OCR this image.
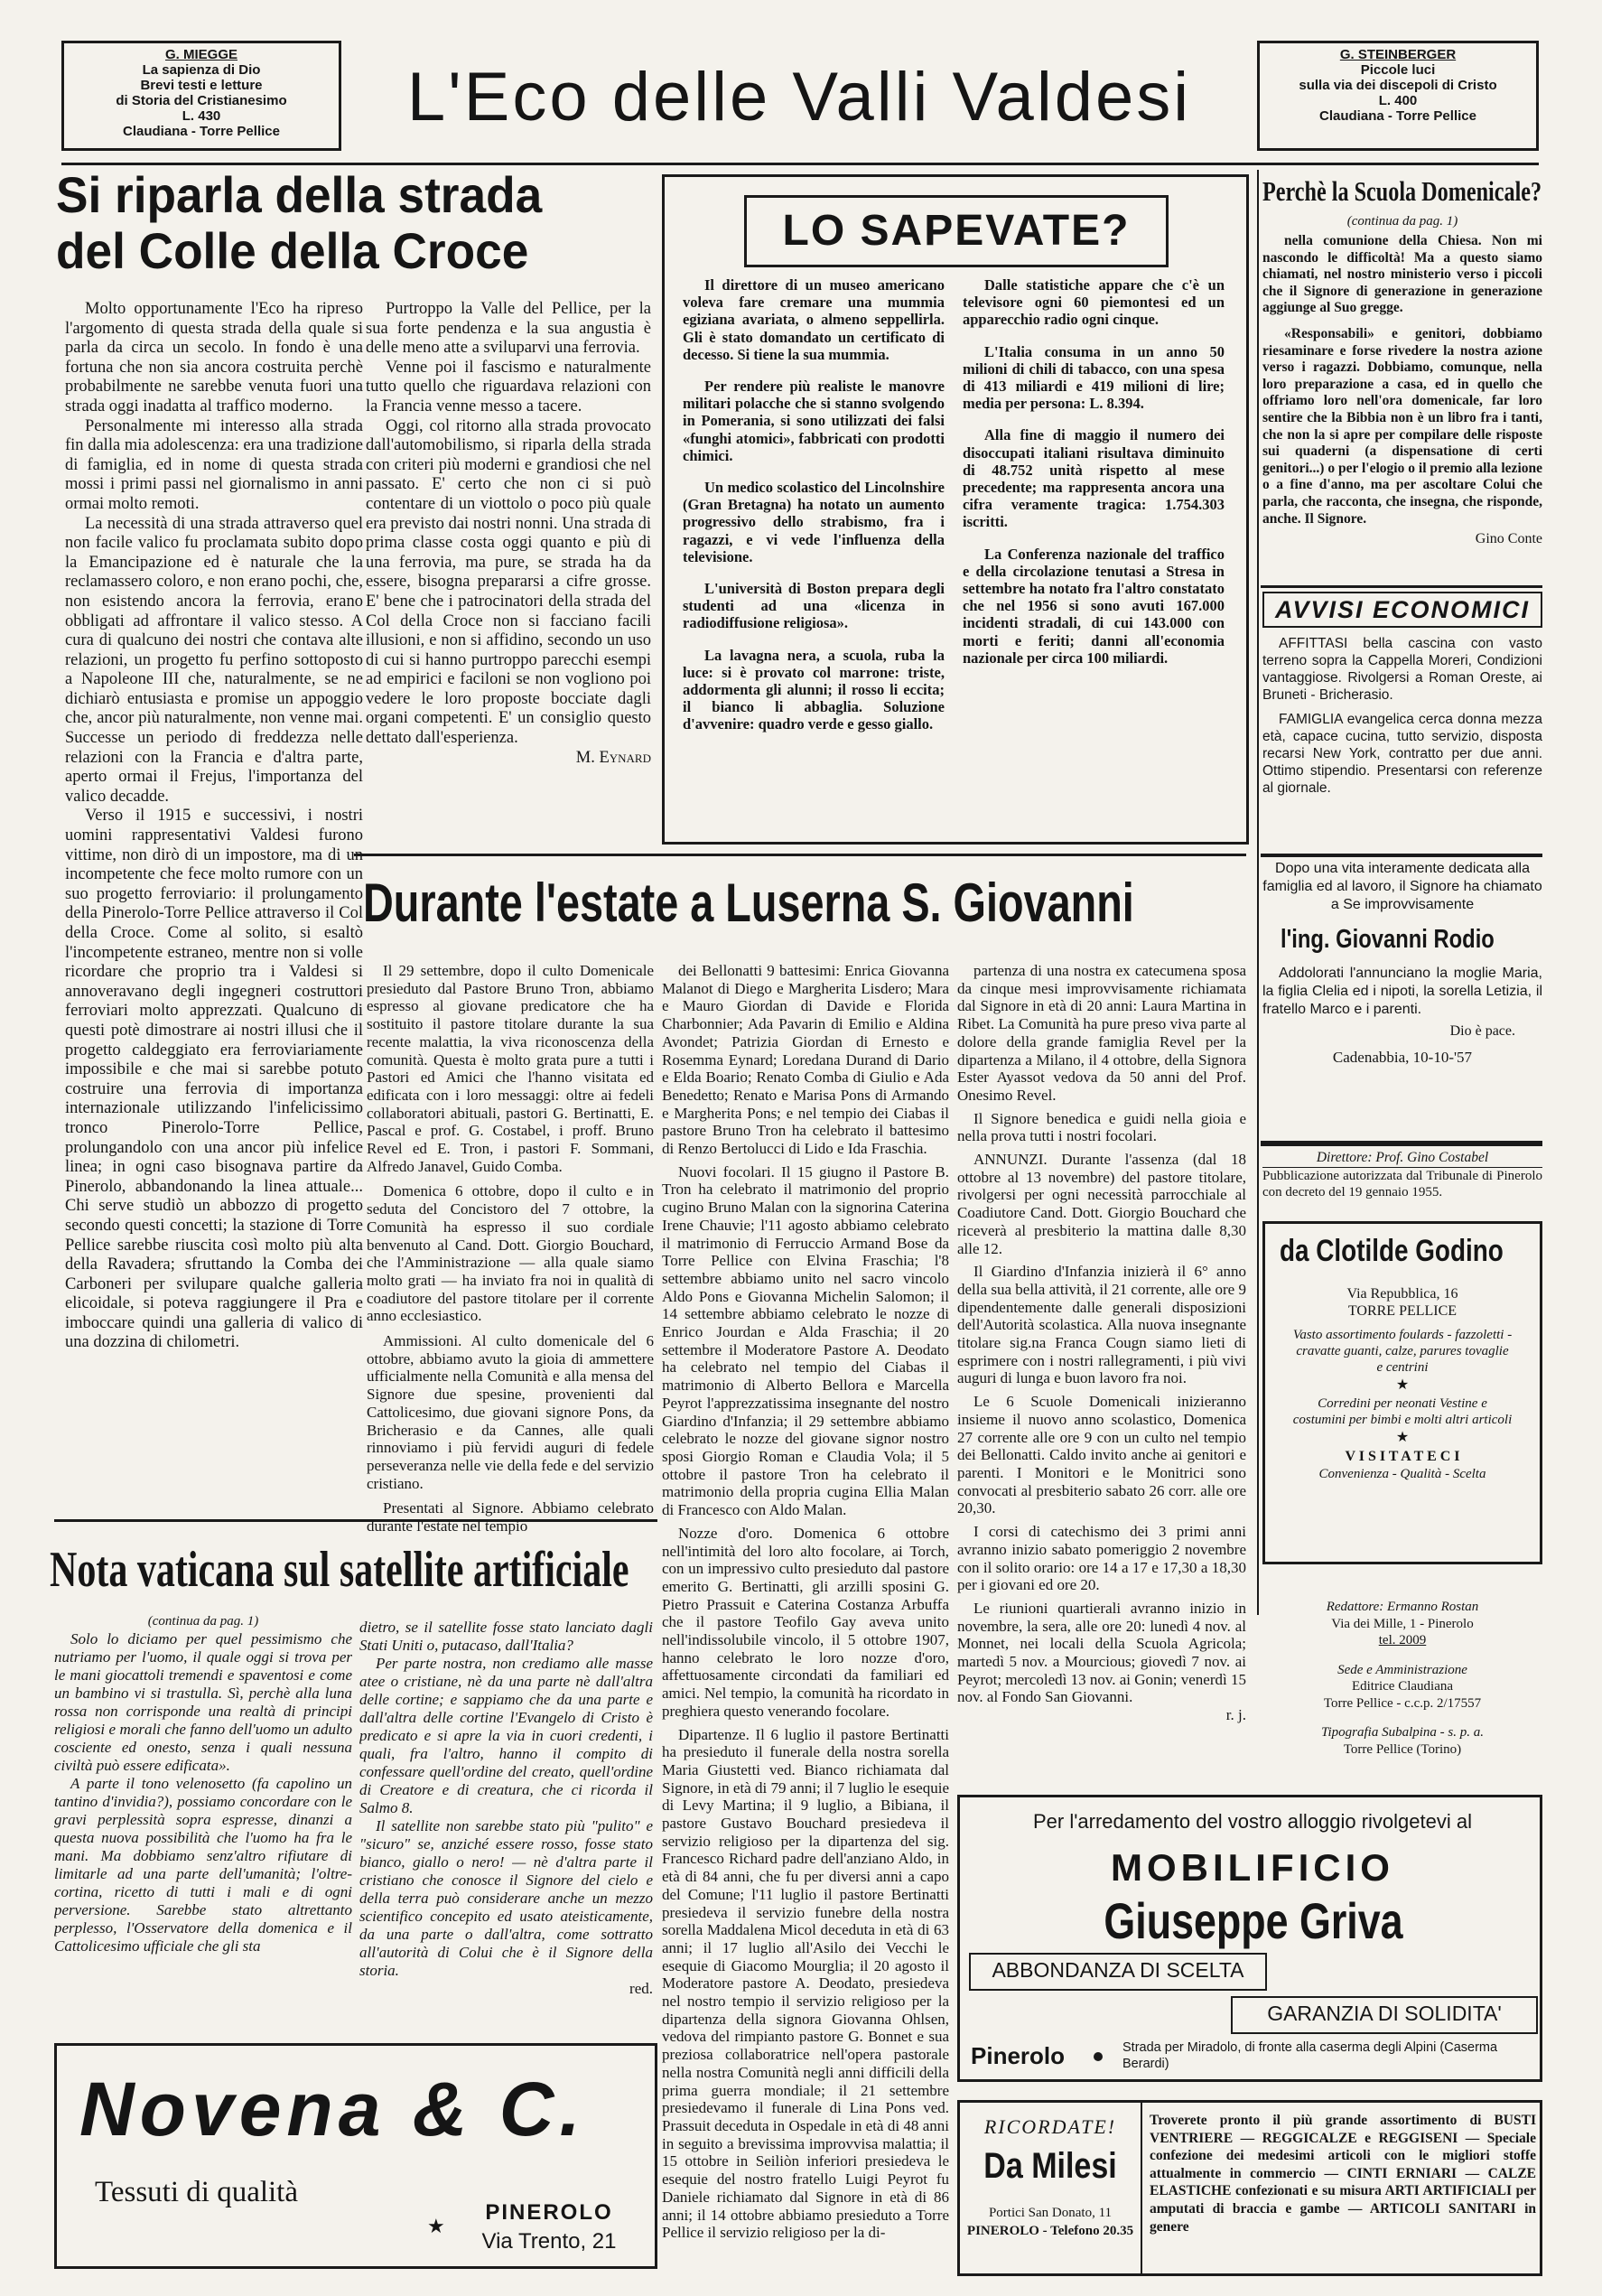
G. MIEGGE
La sapienza di Dio
Brevi testi e letture
di Storia del Cristianesimo
L. 430
Claudiana - Torre Pellice	L'Eco delle Valli Valdesi
G. STEINBERGER
Piccole luci
sulla via dei discepoli di Cristo
L. 400
Claudiana - Torre Pellice
Si riparla della strada
del Colle della Croce

Molto opportunamente l'Eco ha ripreso l'argomento di questa strada della quale si parla da circa un secolo. In fondo è una fortuna che non sia ancora costruita perchè probabilmente ne sarebbe venuta fuori una strada oggi inadatta al traffico moderno.

Personalmente mi interesso alla strada fin dalla mia adolescenza: era una tradizione di famiglia, ed in nome di questa strada mossi i primi passi nel giornalismo in anni ormai molto remoti.

La necessità di una strada attraverso quel non facile valico fu proclamata subito dopo la Emancipazione ed è naturale che la reclamassero coloro, e non erano pochi, che, non esistendo ancora la ferrovia, erano obbligati ad affrontare il valico stesso. A cura di qualcuno dei nostri che contava alte relazioni, un progetto fu perfino sottoposto a Napoleone III che, naturalmente, se ne dichiarò entusiasta e promise un appoggio che, ancor più naturalmente, non venne mai. Successe un periodo di freddezza nelle relazioni con la Francia e d'altra parte, aperto ormai il Frejus, l'importanza del valico decadde.

Verso il 1915 e successivi, i nostri uomini rappresentativi Valdesi furono vittime, non dirò di un impostore, ma di un incompetente che fece molto rumore con un suo progetto ferroviario: il prolungamento della Pinerolo-Torre Pellice attraverso il Col della Croce. Come al solito, si esaltò l'incompetente estraneo, mentre non si volle ricordare che proprio tra i Valdesi si annoveravano degli ingegneri costruttori ferroviari molto apprezzati. Qualcuno di questi potè dimostrare ai nostri illusi che il progetto caldeggiato era ferroviariamente impossibile e che mai si sarebbe potuto costruire una ferrovia di importanza internazionale utilizzando l'infelicissimo tronco Pinerolo-Torre Pellice, prolungandolo con una ancor più infelice linea; in ogni caso bisognava partire da Pinerolo, abbandonando la linea attuale... Chi serve studiò un abbozzo di progetto secondo questi concetti; la stazione di Torre Pellice sarebbe riuscita così molto più alta della Ravadera; sfruttando la Comba dei Carboneri per svilupare qualche galleria elicoidale, si poteva raggiungere il Pra e imboccare quindi una galleria di valico di una dozzina di chilometri.

Purtroppo la Valle del Pellice, per la sua forte pendenza e la sua angustia è delle meno atte a sviluparvi una ferrovia.

Venne poi il fascismo e naturalmente tutto quello che riguardava relazioni con la Francia venne messo a tacere.

Oggi, col ritorno alla strada provocato dall'automobilismo, si riparla della strada con criteri più moderni e grandiosi che nel passato. E' certo che non ci si può contentare di un viottolo o poco più quale era previsto dai nostri nonni. Una strada di prima classe costa oggi quanto e più di una ferrovia, ma pure, se strada ha da essere, bisogna prepararsi a cifre grosse. E' bene che i patrocinatori della strada del Col della Croce non si facciano facili illusioni, e non si affidino, secondo un uso di cui si hanno purtroppo parecchi esempi ad empirici e faciloni se non vogliono poi vedere le loro proposte bocciate dagli organi competenti. E' un consiglio questo dettato dall'esperienza.

M. Eynard
LO SAPEVATE?

Il direttore di un museo americano voleva fare cremare una mummia egiziana avariata, o almeno seppellirla. Gli è stato domandato un certificato di decesso. Si tiene la sua mummia.

Per rendere più realiste le manovre militari polacche che si stanno svolgendo in Pomerania, si sono utilizzati dei falsi «funghi atomici», fabbricati con prodotti chimici.

Un medico scolastico del Lincolnshire (Gran Bretagna) ha notato un aumento progressivo dello strabismo, fra i ragazzi, e vi vede l'influenza della televisione.

L'università di Boston prepara degli studenti ad una «licenza in radiodiffusione religiosa».

La lavagna nera, a scuola, ruba la luce: si è provato col marrone: triste, addormenta gli alunni; il rosso li eccita; il bianco li abbaglia. Soluzione d'avvenire: quadro verde e gesso giallo.

Dalle statistiche appare che c'è un televisore ogni 60 piemontesi ed un apparecchio radio ogni cinque.

L'Italia consuma in un anno 50 milioni di chili di tabacco, con una spesa di 413 miliardi e 419 milioni di lire; media per persona: L. 8.394.

Alla fine di maggio il numero dei disoccupati italiani risultava diminuito di 48.752 unità rispetto al mese precedente; ma rappresenta ancora una cifra veramente tragica: 1.754.303 iscritti.

La Conferenza nazionale del traffico e della circolazione tenutasi a Stresa in settembre ha notato fra l'altro constatato che nel 1956 si sono avuti 167.000 incidenti stradali, di cui 143.000 con morti e feriti; danni all'economia nazionale per circa 100 miliardi.

Perchè la Scuola Domenicale?
(continua da pag. 1)

nella comunione della Chiesa. Non mi nascondo le difficoltà! Ma a questo siamo chiamati, nel nostro ministerio verso i piccoli che il Signore di generazione in generazione aggiunge al Suo gregge.

«Responsabili» e genitori, dobbiamo riesaminare e forse rivedere la nostra azione verso i ragazzi. Dobbiamo, comunque, nella loro preparazione a casa, ed in quello che offriamo loro nell'ora domenicale, far loro sentire che la Bibbia non è un libro fra i tanti, che non la si apre per compilare delle risposte sui quaderni (a dispensatione di certi genitori...) o per l'elogio o il premio alla lezione o a fine d'anno, ma per ascoltare Colui che parla, che racconta, che insegna, che risponde, anche. Il Signore.

Gino Conte
AVVISI ECONOMICI

AFFITTASI bella cascina con vasto terreno sopra la Cappella Moreri, Condizioni vantaggiose. Rivolgersi a Roman Oreste, ai Bruneti - Bricherasio.

FAMIGLIA evangelica cerca donna mezza età, capace cucina, tutto servizio, disposta recarsi New York, contratto per due anni. Ottimo stipendio. Presentarsi con referenze al giornale.

Dopo una vita interamente dedicata alla famiglia ed al lavoro, il Signore ha chiamato a Se improvvisamente
l'ing. Giovanni Rodio
Addolorati l'annunciano la moglie Maria, la figlia Clelia ed i nipoti, la sorella Letizia, il fratello Marco e i parenti.
Dio è pace.
Cadenabbia, 10-10-'57
Direttore: Prof. Gino Costabel
Pubblicazione autorizzata dal Tribunale di Pinerolo con decreto del 19 gennaio 1955.
da Clotilde Godino
Via Repubblica, 16
TORRE PELLICE
Vasto assortimento foulards - fazzoletti - cravatte guanti, calze, parures tovaglie e centrini
★
Corredini per neonati Vestine e costumini per bimbi e molti altri articoli
★
V I S I T A T E C I
Convenienza - Qualità - Scelta
Redattore: Ermanno Rostan
Via dei Mille, 1 - Pinerolo
tel. 2009
Sede e Amministrazione
Editrice Claudiana
Torre Pellice - c.c.p. 2/17557
Tipografia Subalpina - s. p. a.
Torre Pellice (Torino)
Durante l'estate a Luserna S. Giovanni

Il 29 settembre, dopo il culto Domenicale presieduto dal Pastore Bruno Tron, abbiamo espresso al giovane predicatore che ha sostituito il pastore titolare durante la sua recente malattia, la viva riconoscenza della comunità. Questa è molto grata pure a tutti i Pastori ed Amici che l'hanno visitata ed edificata con i loro messaggi: oltre ai fedeli collaboratori abituali, pastori G. Bertinatti, E. Pascal e prof. G. Costabel, i proff. Bruno Revel ed E. Tron, i pastori F. Sommani, Alfredo Janavel, Guido Comba.

Domenica 6 ottobre, dopo il culto e in seduta del Concistoro del 7 ottobre, la Comunità ha espresso il suo cordiale benvenuto al Cand. Dott. Giorgio Bouchard, che l'Amministrazione — alla quale siamo molto grati — ha inviato fra noi in qualità di coadiutore del pastore titolare per il corrente anno ecclesiastico.

Ammissioni. Al culto domenicale del 6 ottobre, abbiamo avuto la gioia di ammettere ufficialmente nella Comunità e alla mensa del Signore due spesine, provenienti dal Cattolicesimo, due giovani signore Pons, da Bricherasio e da Cannes, alle quali rinnoviamo i più fervidi auguri di fedele perseveranza nelle vie della fede e del servizio cristiano.

Presentati al Signore. Abbiamo celebrato durante l'estate nel tempio

dei Bellonatti 9 battesimi: Enrica Giovanna Malanot di Diego e Margherita Lisdero; Mara e Mauro Giordan di Davide e Florida Charbonnier; Ada Pavarin di Emilio e Aldina Avondet; Patrizia Giordan di Ernesto e Rosemma Eynard; Loredana Durand di Dario e Elda Boario; Renato Comba di Giulio e Ada Benedetto; Renato e Marisa Pons di Armando e Margherita Pons; e nel tempio dei Ciabas il pastore Bruno Tron ha celebrato il battesimo di Renzo Bertolucci di Lido e Ida Fraschia.

Nuovi focolari. Il 15 giugno il Pastore B. Tron ha celebrato il matrimonio del proprio cugino Bruno Malan con la signorina Caterina Irene Chauvie; l'11 agosto abbiamo celebrato il matrimonio di Ferruccio Armand Bose da Torre Pellice con Elvina Fraschia; l'8 settembre abbiamo unito nel sacro vincolo Aldo Pons e Giovanna Michelin Salomon; il 14 settembre abbiamo celebrato le nozze di Enrico Jourdan e Alda Fraschia; il 20 settembre il Moderatore Pastore A. Deodato ha celebrato nel tempio del Ciabas il matrimonio di Alberto Bellora e Marcella Peyrot l'apprezzatissima insegnante del nostro Giardino d'Infanzia; il 29 settembre abbiamo celebrato le nozze del giovane signor nostro sposi Giorgio Roman e Claudia Vola; il 5 ottobre il pastore Tron ha celebrato il matrimonio della propria cugina Ellia Malan di Francesco con Aldo Malan.

Nozze d'oro. Domenica 6 ottobre nell'intimità del loro alto focolare, ai Torch, con un impressivo culto presieduto dal pastore emerito G. Bertinatti, gli arzilli sposini G. Pietro Prassuit e Caterina Costanza Arbuffa che il pastore Teofilo Gay aveva unito nell'indissolubile vincolo, il 5 ottobre 1907, hanno celebrato le loro nozze d'oro, affettuosamente circondati da familiari ed amici. Nel tempio, la comunità ha ricordato in preghiera questo venerando focolare.

Dipartenze. Il 6 luglio il pastore Bertinatti ha presieduto il funerale della nostra sorella Maria Giustetti ved. Bianco richiamata dal Signore, in età di 79 anni; il 7 luglio le esequie di Levy Martina; il 9 luglio, a Bibiana, il pastore Gustavo Bouchard presiedeva il servizio religioso per la dipartenza del sig. Francesco Richard padre dell'anziano Aldo, in età di 84 anni, che fu per diversi anni a capo del Comune; l'11 luglio il pastore Bertinatti presiedeva il servizio funebre della nostra sorella Maddalena Micol deceduta in età di 63 anni; il 17 luglio all'Asilo dei Vecchi le esequie di Giacomo Mourglia; il 20 agosto il Moderatore pastore A. Deodato, presiedeva nel nostro tempio il servizio religioso per la dipartenza della signora Giovanna Ohlsen, vedova del rimpianto pastore G. Bonnet e sua preziosa collaboratrice nell'opera pastorale nella nostra Comunità negli anni difficili della prima guerra mondiale; il 21 settembre presiedevamo il funerale di Lina Pons ved. Prassuit deceduta in Ospedale in età di 48 anni in seguito a brevissima improvvisa malattia; il 15 ottobre in Seiliòn inferiori presiedeva le esequie del nostro fratello Luigi Peyrot fu Daniele richiamato dal Signore in età di 86 anni; il 14 ottobre abbiamo presieduto a Torre Pellice il servizio religioso per la di-

partenza di una nostra ex catecumena sposa da cinque mesi improvvisamente richiamata dal Signore in età di 20 anni: Laura Martina in Ribet. La Comunità ha pure preso viva parte al dolore della grande famiglia Revel per la dipartenza a Milano, il 4 ottobre, della Signora Ester Ayassot vedova da 50 anni del Prof. Onesimo Revel.

Il Signore benedica e guidi nella gioia e nella prova tutti i nostri focolari.

ANNUNZI. Durante l'assenza (dal 18 ottobre al 13 novembre) del pastore titolare, rivolgersi per ogni necessità parrocchiale al Coadiutore Cand. Dott. Giorgio Bouchard che riceverà al presbiterio la mattina dalle 8,30 alle 12.

Il Giardino d'Infanzia inizierà il 6° anno della sua bella attività, il 21 corrente, alle ore 9 dipendentemente dalle generali disposizioni dell'Autorità scolastica. Alla nuova insegnante titolare sig.na Franca Cougn siamo lieti di esprimere con i nostri rallegramenti, i più vivi auguri di lunga e buon lavoro fra noi.

Le 6 Scuole Domenicali inizieranno insieme il nuovo anno scolastico, Domenica 27 corrente alle ore 9 con un culto nel tempio dei Bellonatti. Caldo invito anche ai genitori e parenti. I Monitori e le Monitrici sono convocati al presbiterio sabato 26 corr. alle ore 20,30.

I corsi di catechismo dei 3 primi anni avranno inizio sabato pomeriggio 2 novembre con il solito orario: ore 14 a 17 e 17,30 a 18,30 per i giovani ed ore 20.

Le riunioni quartierali avranno inizio in novembre, la sera, alle ore 20: lunedì 4 nov. al Monnet, nei locali della Scuola Agricola; martedì 5 nov. a Mourcious; giovedì 7 nov. ai Peyrot; mercoledì 13 nov. ai Gonin; venerdì 15 nov. al Fondo San Giovanni.

r. j.
Nota vaticana sul satellite artificiale
(continua da pag. 1)

Solo lo diciamo per quel pessimismo che nutriamo per l'uomo, il quale oggi si trova per le mani giocattoli tremendi e spaventosi e come un bambino vi si trastulla. Sì, perchè alla luna rossa non corrisponde una realtà di principi religiosi e morali che fanno dell'uomo un adulto cosciente ed onesto, senza i quali nessuna civiltà può essere edificata».

A parte il tono velenosetto (fa capolino un tantino d'invidia?), possiamo concordare con le gravi perplessità sopra espresse, dinanzi a questa nuova possibilità che l'uomo ha fra le mani. Ma dobbiamo senz'altro rifiutare di limitarle ad una parte dell'umanità; l'oltre-cortina, ricetto di tutti i mali e di ogni perversione. Sarebbe stato altrettanto perplesso, l'Osservatore della domenica e il Cattolicesimo ufficiale che gli sta

dietro, se il satellite fosse stato lanciato dagli Stati Uniti o, putacaso, dall'Italia?

Per parte nostra, non crediamo alle masse atee o cristiane, nè da una parte nè dall'altra delle cortine; e sappiamo che da una parte e dall'altra delle cortine l'Evangelo di Cristo è predicato e si apre la via in cuori credenti, i quali, fra l'altro, hanno il compito di confessare quell'ordine del creato, quell'ordine di Creatore e di creatura, che ci ricorda il Salmo 8.

Il satellite non sarebbe stato più "pulito" e "sicuro" se, anziché essere rosso, fosse stato bianco, giallo o nero! — nè d'altra parte il cristiano che conosce il Signore del cielo e della terra può considerare anche un mezzo scientifico concepito ed usato ateisticamente, da una parte o dall'altra, come sottratto all'autorità di Colui che è il Signore della storia.

red.
Novena & C.
Tessuti di qualità
★
PINEROLO
Via Trento, 21
Per l'arredamento del vostro alloggio rivolgetevi al
MOBILIFICIO
Giuseppe Griva
ABBONDANZA DI SCELTA
GARANZIA DI SOLIDITA'
Pinerolo	Strada per Miradolo, di fronte alla caserma degli Alpini (Caserma Berardi)
RICORDATE!
Da Milesi
Portici San Donato, 11
PINEROLO - Telefono 20.35
Troverete pronto il più grande assortimento di BUSTI VENTRIERE — REGGICALZE e REGGISENI — Speciale confezione dei medesimi articoli con le migliori stoffe attualmente in commercio — CINTI ERNIARI — CALZE ELASTICHE confezionati e su misura ARTI ARTIFICIALI per amputati di braccia e gambe — ARTICOLI SANITARI in genere
